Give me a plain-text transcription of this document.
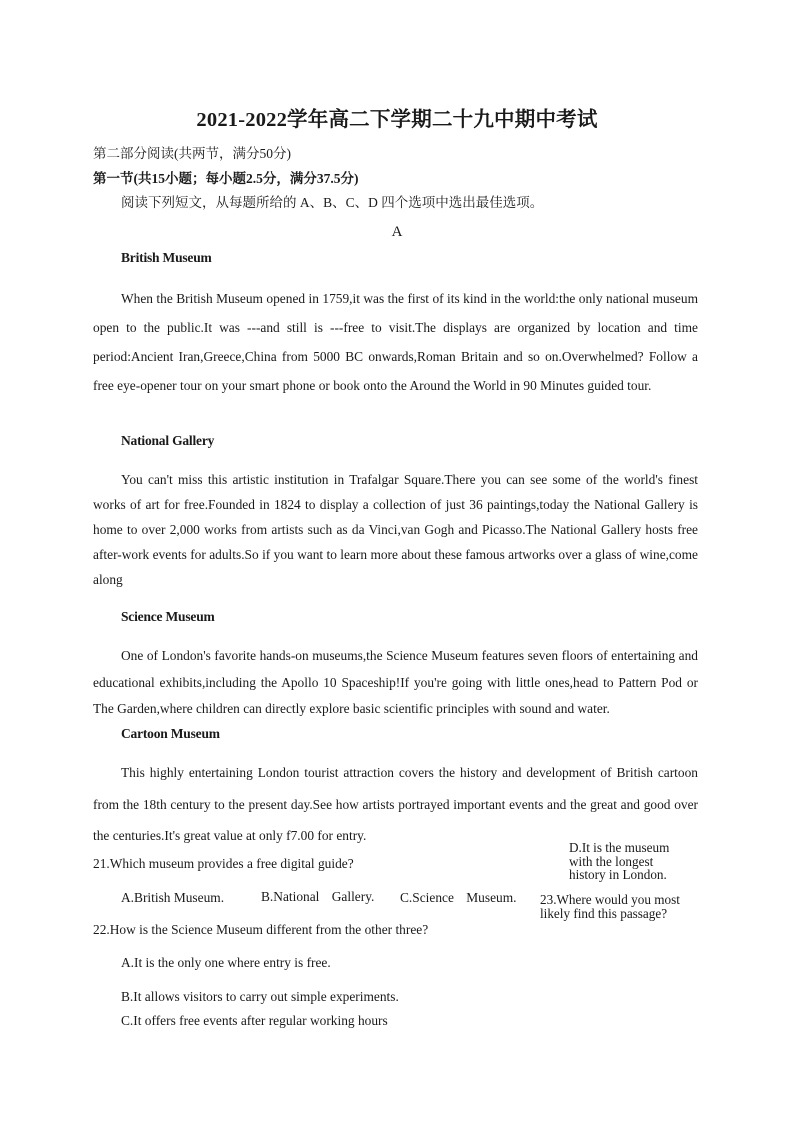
2021-2022学年高二下学期二十九中期中考试
第二部分阅读(共两节，满分50分)
第一节(共15小题；每小题2.5分，满分37.5分)
阅读下列短文，从每题所给的 A、B、C、D 四个选项中选出最佳选项。
A
British Museum
When the British Museum opened in 1759,it was the first of its kind in the world:the only national museum open to the public.It was ---and still is ---free to visit.The displays are organized by location and time period:Ancient Iran,Greece,China from 5000 BC onwards,Roman Britain and so on.Overwhelmed? Follow a free eye-opener tour on your smart phone or book onto the Around the World in 90 Minutes guided tour.
National Gallery
You can't miss this artistic institution in Trafalgar Square.There you can see some of the world's finest works of art for free.Founded in 1824 to display a collection of just 36 paintings,today the National Gallery is home to over 2,000 works from artists such as da Vinci,van Gogh and Picasso.The National Gallery hosts free after-work events for adults.So if you want to learn more about these famous artworks over a glass of wine,come along
Science Museum
One of London's favorite hands-on museums,the Science Museum features seven floors of entertaining and educational exhibits,including the Apollo 10 Spaceship!If you're going with little ones,head to Pattern Pod or The Garden,where children can directly explore basic scientific principles with sound and water.
Cartoon Museum
This highly entertaining London tourist attraction covers the history and development of British cartoon from the 18th century to the present day.See how artists portrayed important events and the great and good over the centuries.It's great value at only f7.00 for entry.
21.Which museum provides a free digital guide?
A.British Museum.	B.National Gallery. C.Science Museum.
D.It is the museum with the longest history in London.
23.Where would you most likely find this passage?
22.How is the Science Museum different from the other three?
A.It is the only one where entry is free.
B.It allows visitors to carry out simple experiments.
C.It offers free events after regular working hours
